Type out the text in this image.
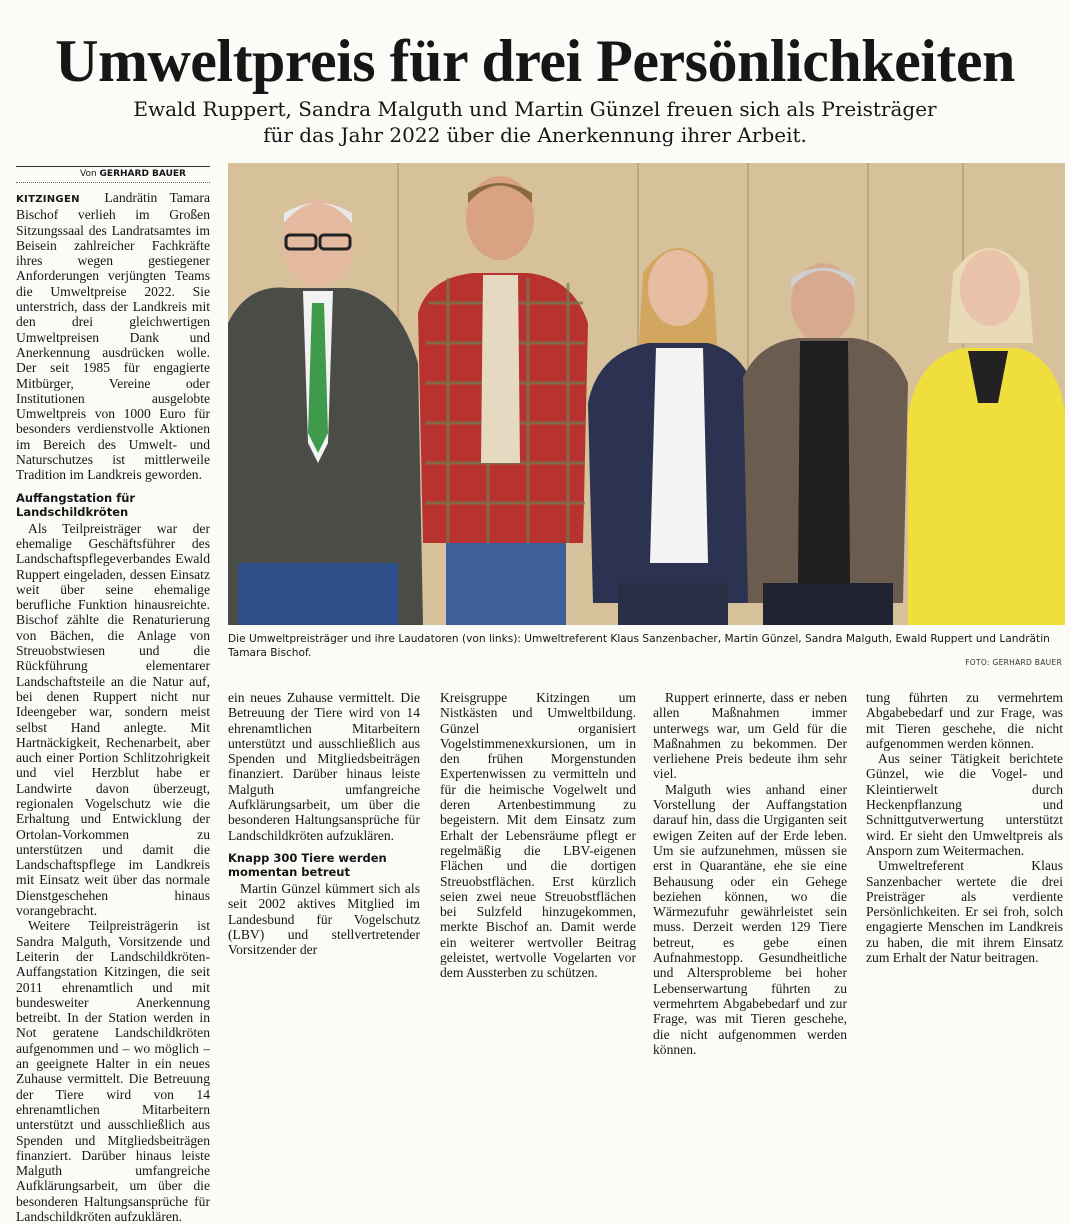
Umweltpreis für drei Persönlichkeiten
Ewald Ruppert, Sandra Malguth und Martin Günzel freuen sich als Preisträger
für das Jahr 2022 über die Anerkennung ihrer Arbeit.
Von GERHARD BAUER

Die Umweltpreisträger und ihre Laudatoren (von links): Umweltreferent Klaus Sanzenbacher, Martin Günzel, Sandra Malguth, Ewald Ruppert und Landrätin Tamara Bischof.

FOTO: GERHARD BAUER

KITZINGEN Landrätin Tamara Bischof verlieh im Großen Sitzungssaal des Landratsamtes im Beisein zahlreicher Fachkräfte ihres wegen gestiegener Anforderungen verjüngten Teams die Umweltpreise 2022. Sie unterstrich, dass der Landkreis mit den drei gleichwertigen Umweltpreisen Dank und Anerkennung ausdrücken wolle. Der seit 1985 für engagierte Mitbürger, Vereine oder Institutionen ausgelobte Umweltpreis von 1000 Euro für besonders verdienstvolle Aktionen im Bereich des Umwelt- und Naturschutzes ist mittlerweile Tradition im Landkreis geworden.

Auffangstation für Landschildkröten

Als Teilpreisträger war der ehemalige Geschäftsführer des Landschaftspflegeverbandes Ewald Ruppert eingeladen, dessen Einsatz weit über seine ehemalige berufliche Funktion hinausreichte. Bischof zählte die Renaturierung von Bächen, die Anlage von Streuobstwiesen und die Rückführung elementarer Landschaftsteile an die Natur auf, bei denen Ruppert nicht nur Ideengeber war, sondern meist selbst Hand anlegte. Mit Hartnäckigkeit, Rechenarbeit, aber auch einer Portion Schlitzohrigkeit und viel Herzblut habe er Landwirte davon überzeugt, regionalen Vogelschutz wie die Erhaltung und Entwicklung der Ortolan-Vorkommen zu unterstützen und damit die Landschaftspflege im Landkreis mit Einsatz weit über das normale Dienstgeschehen hinaus vorangebracht.

Weitere Teilpreisträgerin ist Sandra Malguth, Vorsitzende und Leiterin der Landschildkröten-Auffangstation Kitzingen, die seit 2011 ehrenamtlich und mit bundesweiter Anerkennung betreibt. In der Station werden in Not geratene Landschildkröten aufgenommen und – wo möglich – an geeignete Halter in ein neues Zuhause vermittelt. Die Betreuung der Tiere wird von 14 ehrenamtlichen Mitarbeitern unterstützt und ausschließlich aus Spenden und Mitgliedsbeiträgen finanziert. Darüber hinaus leiste Malguth umfangreiche Aufklärungsarbeit, um über die besonderen Haltungsansprüche für Landschildkröten aufzuklären.

ein neues Zuhause vermittelt. Die Betreuung der Tiere wird von 14 ehrenamtlichen Mitarbeitern unterstützt und ausschließlich aus Spenden und Mitgliedsbeiträgen finanziert. Darüber hinaus leiste Malguth umfangreiche Aufklärungsarbeit, um über die besonderen Haltungsansprüche für Landschildkröten aufzuklären.

Knapp 300 Tiere werden momentan betreut

Martin Günzel kümmert sich als seit 2002 aktives Mitglied im Landesbund für Vogelschutz (LBV) und stellvertretender Vorsitzender der

Kreisgruppe Kitzingen um Nistkästen und Umweltbildung. Günzel organisiert Vogelstimmenexkursionen, um in den frühen Morgenstunden Expertenwissen zu vermitteln und für die heimische Vogelwelt und deren Artenbestimmung zu begeistern. Mit dem Einsatz zum Erhalt der Lebensräume pflegt er regelmäßig die LBV-eigenen Flächen und die dortigen Streuobstflächen. Erst kürzlich seien zwei neue Streuobstflächen bei Sulzfeld hinzugekommen, merkte Bischof an. Damit werde ein weiterer wertvoller Beitrag geleistet, wertvolle Vogelarten vor dem Aussterben zu schützen.

Ruppert erinnerte, dass er neben allen Maßnahmen immer unterwegs war, um Geld für die Maßnahmen zu bekommen. Der verliehene Preis bedeute ihm sehr viel.

Malguth wies anhand einer Vorstellung der Auffangstation darauf hin, dass die Urgiganten seit ewigen Zeiten auf der Erde leben. Um sie aufzunehmen, müssen sie erst in Quarantäne, ehe sie eine Behausung oder ein Gehege beziehen können, wo die Wärmezufuhr gewährleistet sein muss. Derzeit werden 129 Tiere betreut, es gebe einen Aufnahmestopp. Gesundheitliche und Altersprobleme bei hoher Lebenserwartung führten zu vermehrtem Abgabebedarf und zur Frage, was mit Tieren geschehe, die nicht aufgenommen werden können.

tung führten zu vermehrtem Abgabebedarf und zur Frage, was mit Tieren geschehe, die nicht aufgenommen werden können.

Aus seiner Tätigkeit berichtete Günzel, wie die Vogel- und Kleintierwelt durch Heckenpflanzung und Schnittgutverwertung unterstützt wird. Er sieht den Umweltpreis als Ansporn zum Weitermachen.

Umweltreferent Klaus Sanzenbacher wertete die drei Preisträger als verdiente Persönlichkeiten. Er sei froh, solch engagierte Menschen im Landkreis zu haben, die mit ihrem Einsatz zum Erhalt der Natur beitragen.
